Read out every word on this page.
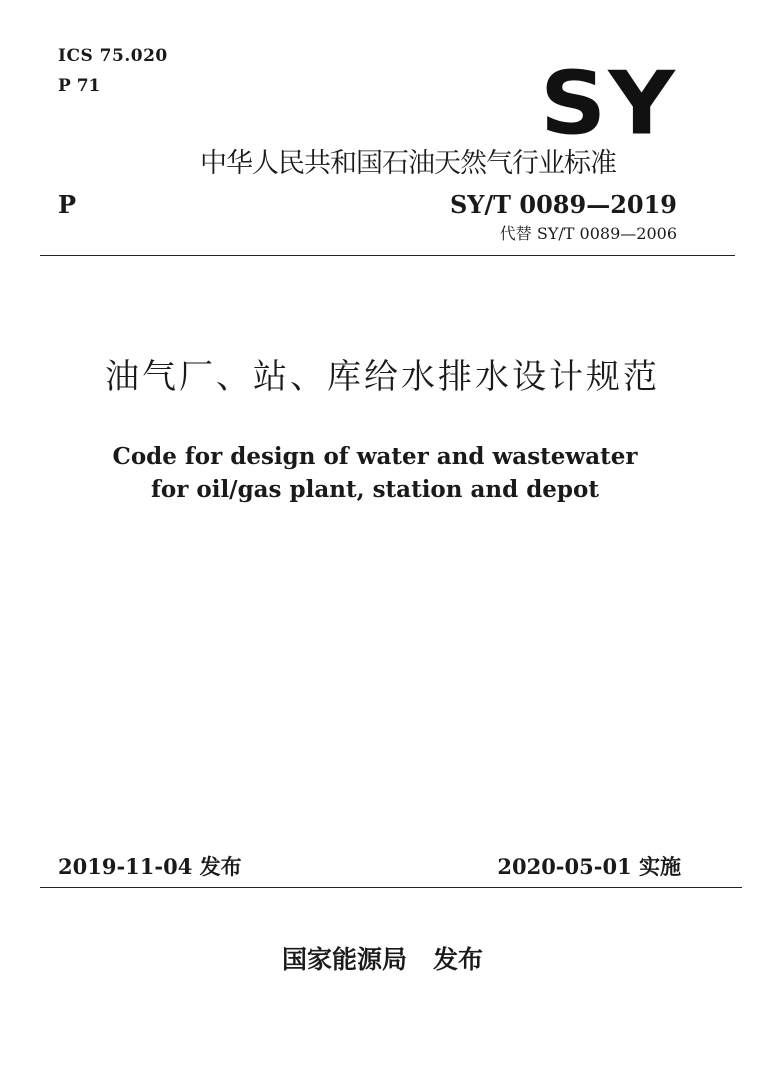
ICS 75.020
P 71	SY
中华人民共和国石油天然气行业标准
P	SY/T 0089—2019
代替 SY/T 0089—2006
油气厂、站、库给水排水设计规范
Code for design of water and wastewater
for oil/gas plant, station and depot
2019-11-04 发布	2020-05-01 实施
国家能源局 发布
